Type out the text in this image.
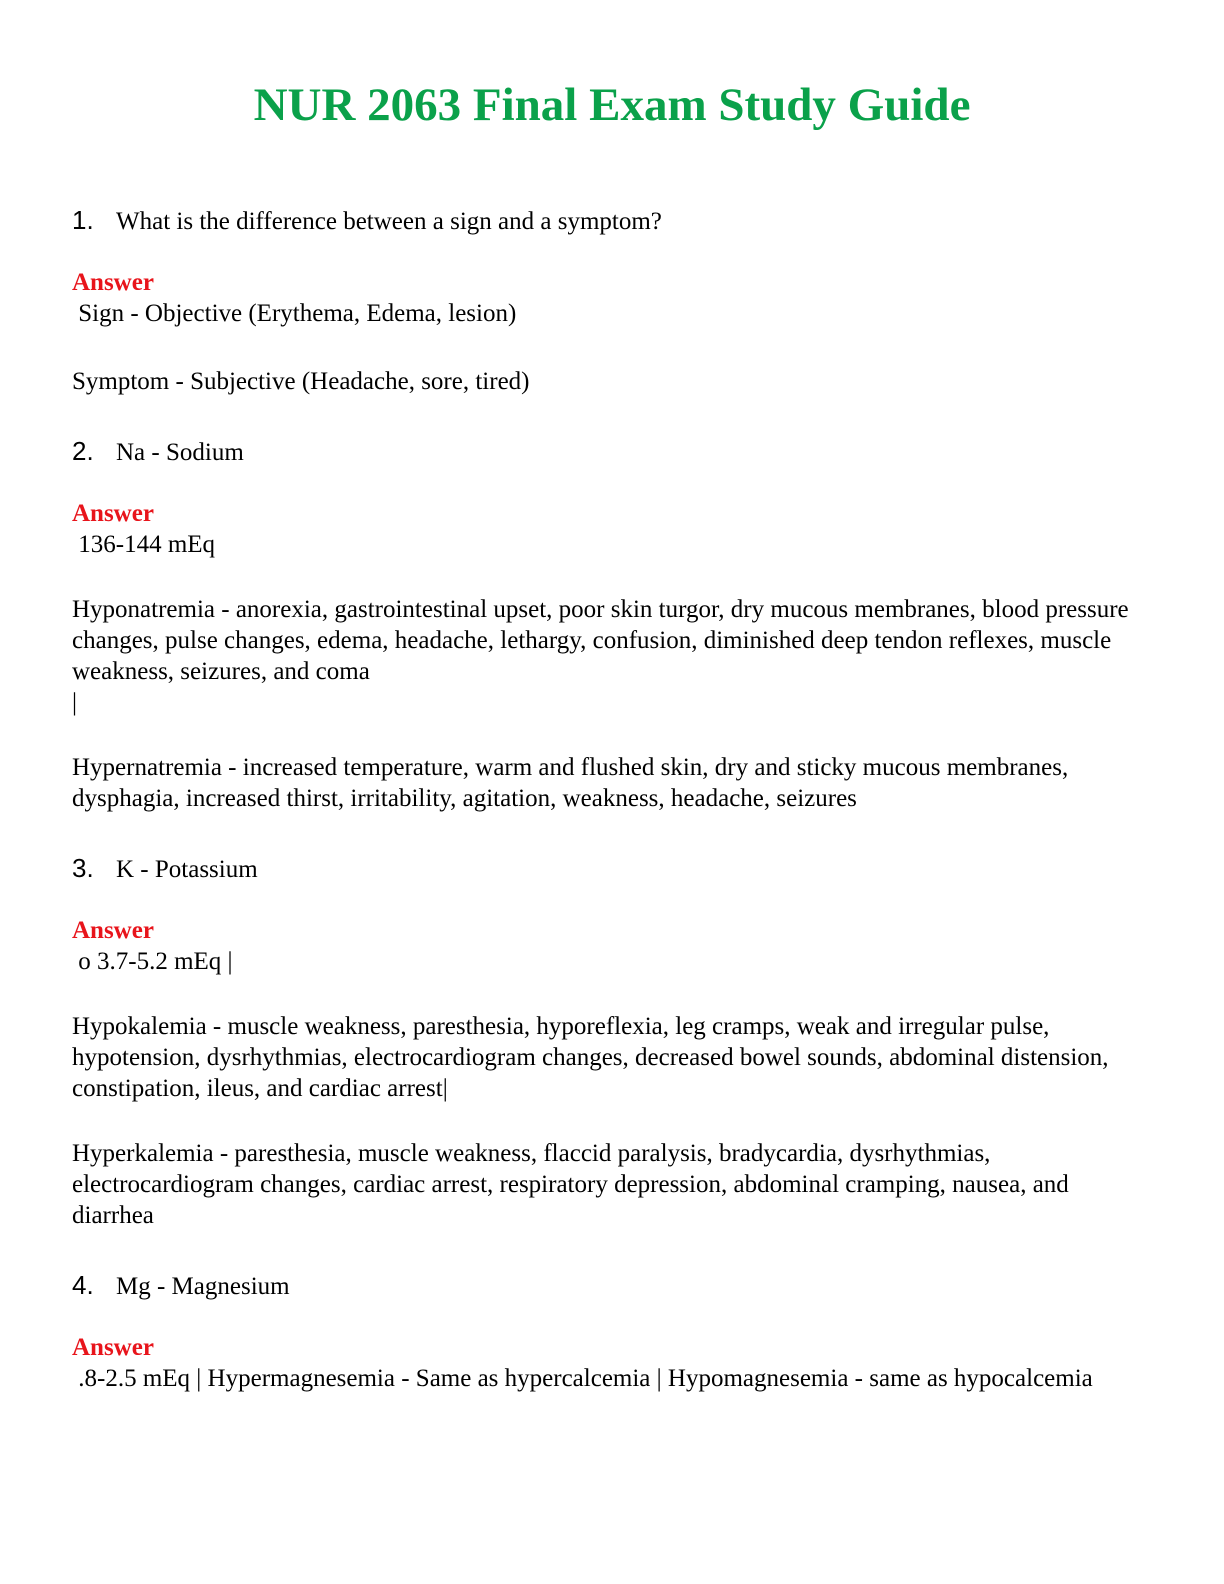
NUR 2063 Final Exam Study Guide

1. What is the difference between a sign and a symptom?

Answer

Sign - Objective (Erythema, Edema, lesion)

Symptom - Subjective (Headache, sore, tired)

2. Na - Sodium

Answer

136-144 mEq

Hyponatremia - anorexia, gastrointestinal upset, poor skin turgor, dry mucous membranes, blood pressure changes, pulse changes, edema, headache, lethargy, confusion, diminished deep tendon reflexes, muscle weakness, seizures, and coma
|

Hypernatremia - increased temperature, warm and flushed skin, dry and sticky mucous membranes, dysphagia, increased thirst, irritability, agitation, weakness, headache, seizures

3. K - Potassium

Answer

o 3.7-5.2 mEq |

Hypokalemia - muscle weakness, paresthesia, hyporeflexia, leg cramps, weak and irregular pulse, hypotension, dysrhythmias, electrocardiogram changes, decreased bowel sounds, abdominal distension, constipation, ileus, and cardiac arrest|

Hyperkalemia - paresthesia, muscle weakness, flaccid paralysis, bradycardia, dysrhythmias, electrocardiogram changes, cardiac arrest, respiratory depression, abdominal cramping, nausea, and diarrhea

4. Mg - Magnesium

Answer

.8-2.5 mEq | Hypermagnesemia - Same as hypercalcemia | Hypomagnesemia - same as hypocalcemia
